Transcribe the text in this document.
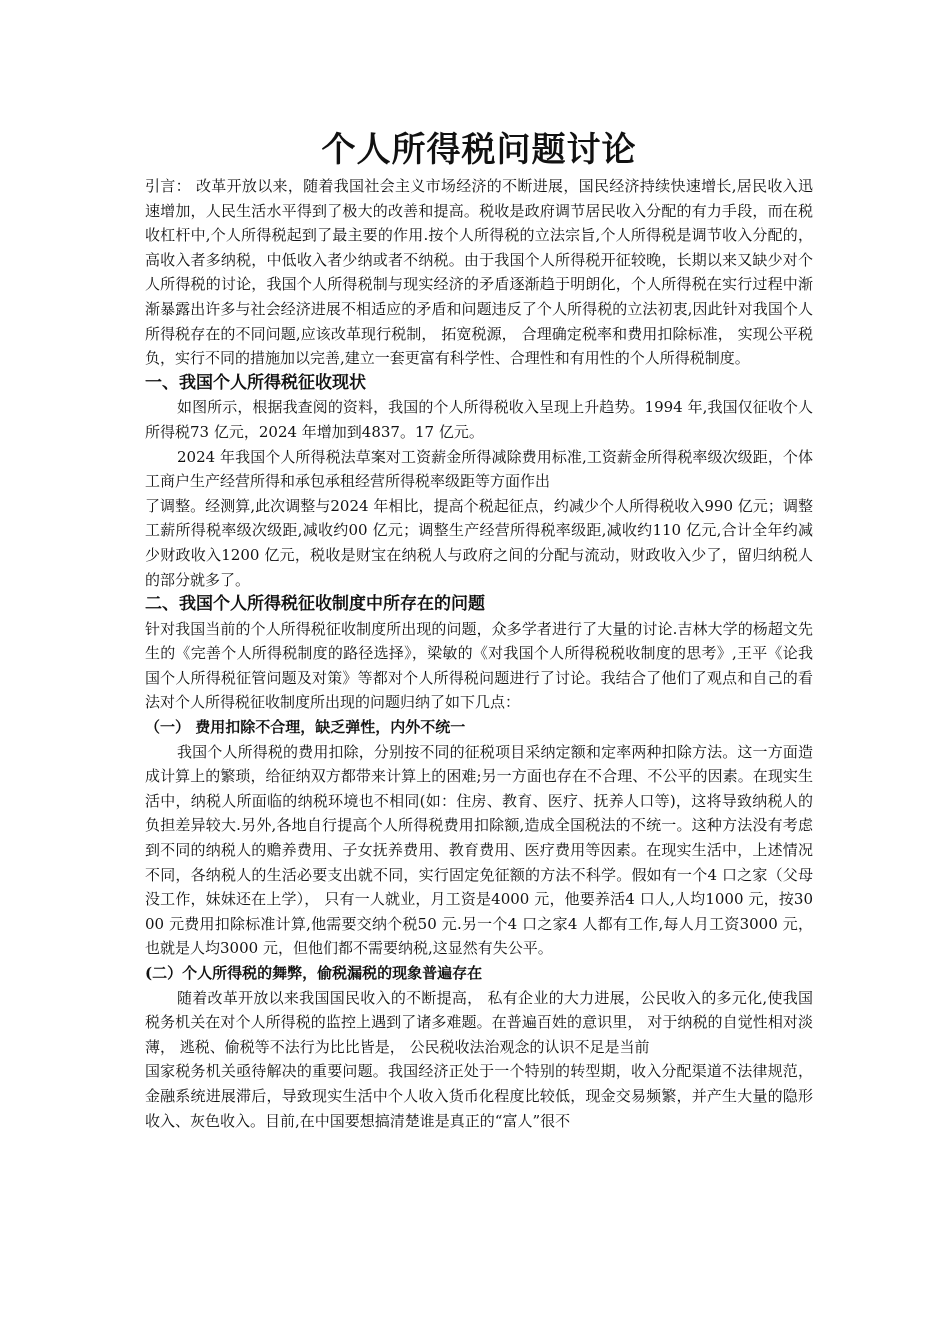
个人所得税问题讨论

引言： 改革开放以来，随着我国社会主义市场经济的不断进展，国民经济持续快速增长,居民收入迅速增加，人民生活水平得到了极大的改善和提高。税收是政府调节居民收入分配的有力手段，而在税收杠杆中,个人所得税起到了最主要的作用.按个人所得税的立法宗旨,个人所得税是调节收入分配的，高收入者多纳税，中低收入者少纳或者不纳税。由于我国个人所得税开征较晚，长期以来又缺少对个人所得税的讨论，我国个人所得税制与现实经济的矛盾逐渐趋于明朗化，个人所得税在实行过程中渐渐暴露出许多与社会经济进展不相适应的矛盾和问题违反了个人所得税的立法初衷,因此针对我国个人所得税存在的不同问题,应该改革现行税制， 拓宽税源， 合理确定税率和费用扣除标准， 实现公平税负，实行不同的措施加以完善,建立一套更富有科学性、合理性和有用性的个人所得税制度。

一、我国个人所得税征收现状

如图所示，根据我查阅的资料，我国的个人所得税收入呈现上升趋势。1994 年,我国仅征收个人所得税73 亿元，2024 年增加到4837。17 亿元。

2024 年我国个人所得税法草案对工资薪金所得减除费用标准,工资薪金所得税率级次级距，个体工商户生产经营所得和承包承租经营所得税率级距等方面作出

了调整。经测算,此次调整与2024 年相比，提高个税起征点，约减少个人所得税收入990 亿元；调整工薪所得税率级次级距,减收约00 亿元；调整生产经营所得税率级距,减收约110 亿元,合计全年约减少财政收入1200 亿元，税收是财宝在纳税人与政府之间的分配与流动，财政收入少了，留归纳税人的部分就多了。

二、我国个人所得税征收制度中所存在的问题

针对我国当前的个人所得税征收制度所出现的问题，众多学者进行了大量的讨论.吉林大学的杨超文先生的《完善个人所得税制度的路径选择》，梁敏的《对我国个人所得税税收制度的思考》,王平《论我国个人所得税征管问题及对策》等都对个人所得税问题进行了讨论。我结合了他们了观点和自己的看法对个人所得税征收制度所出现的问题归纳了如下几点：

（一） 费用扣除不合理，缺乏弹性，内外不统一

我国个人所得税的费用扣除，分别按不同的征税项目采纳定额和定率两种扣除方法。这一方面造成计算上的繁琐，给征纳双方都带来计算上的困难;另一方面也存在不合理、不公平的因素。在现实生活中，纳税人所面临的纳税环境也不相同(如：住房、教育、医疗、抚养人口等)，这将导致纳税人的负担差异较大.另外,各地自行提高个人所得税费用扣除额,造成全国税法的不统一。这种方法没有考虑到不同的纳税人的赡养费用、子女抚养费用、教育费用、医疗费用等因素。在现实生活中，上述情况不同，各纳税人的生活必要支出就不同，实行固定免征额的方法不科学。假如有一个4 口之家（父母没工作，妹妹还在上学）， 只有一人就业，月工资是4000 元，他要养活4 口人,人均1000 元，按3000 元费用扣除标准计算,他需要交纳个税50 元.另一个4 口之家4 人都有工作,每人月工资3000 元，也就是人均3000 元，但他们都不需要纳税,这显然有失公平。

(二）个人所得税的舞弊，偷税漏税的现象普遍存在

随着改革开放以来我国国民收入的不断提高， 私有企业的大力进展，公民收入的多元化,使我国税务机关在对个人所得税的监控上遇到了诸多难题。在普遍百姓的意识里， 对于纳税的自觉性相对淡薄， 逃税、偷税等不法行为比比皆是， 公民税收法治观念的认识不足是当前

国家税务机关亟待解决的重要问题。我国经济正处于一个特别的转型期，收入分配渠道不法律规范，金融系统进展滞后，导致现实生活中个人收入货币化程度比较低，现金交易频繁，并产生大量的隐形收入、灰色收入。目前,在中国要想搞清楚谁是真正的“富人”很不
